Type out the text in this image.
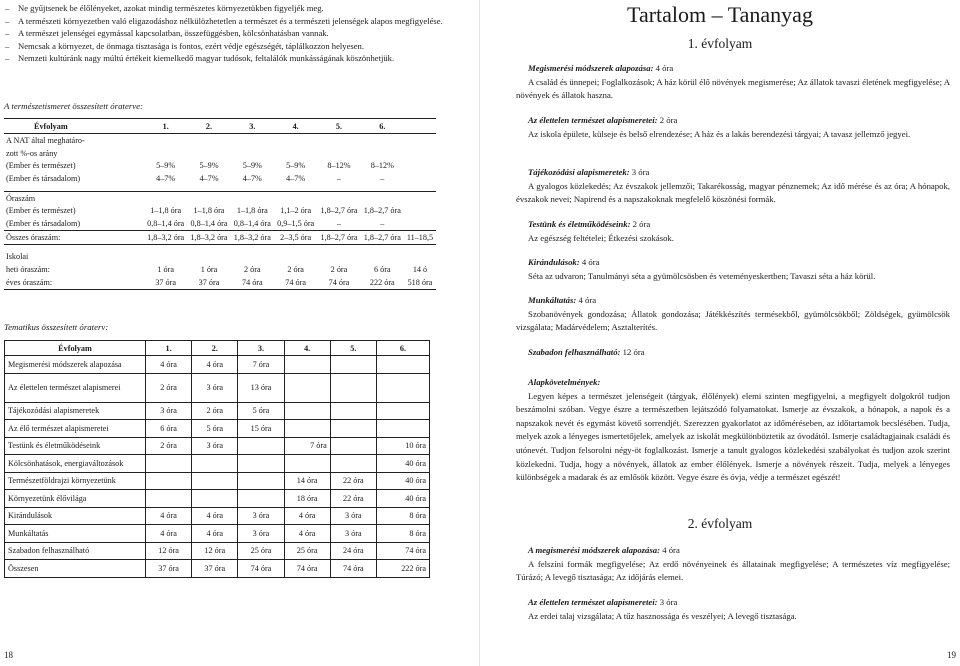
–	Ne gyűjtsenek be élőlényeket, azokat mindig természetes környezetükben figyeljék meg.
–	A természeti környezetben való eligazodáshoz nélkülözhetetlen a természet és a természeti jelenségek alapos megfigyelése.
–	A természet jelenségei egymással kapcsolatban, összefüggésben, kölcsönhatásban vannak.
–	Nemcsak a környezet, de önmaga tisztasága is fontos, ezért védje egészségét, táplálkozzon helyesen.
–	Nemzeti kultúránk nagy múltú értékeit kiemelkedő magyar tudósok, feltalálók munkásságának köszönhetjük.
A természetismeret összesített óraterve:
Évfolyam	1.	2.	3.	4.	5.	6.	
A NAT által meghatáro-							
zott %-os arány							
(Ember és természet)	5–9%	5–9%	5–9%	5–9%	8–12%	8–12%	
(Ember és társadalom)	4–7%	4–7%	4–7%	4–7%	–	–	

Óraszám							
(Ember és természet)	1–1,8 óra	1–1,8 óra	1–1,8 óra	1,1–2 óra	1,8–2,7 óra	1,8–2,7 óra	
(Ember és társadalom)	0,8–1,4 óra	0,8–1,4 óra	0,8–1,4 óra	0,9–1,5 óra	–	–	
Összes óraszám:	1,8–3,2 óra	1,8–3,2 óra	1,8–3,2 óra	2–3,5 óra	1,8–2,7 óra	1,8–2,7 óra	11–18,5

Iskolai							
heti óraszám:	1 óra	1 óra	2 óra	2 óra	2 óra	6 óra	14 ó
éves óraszám:	37 óra	37 óra	74 óra	74 óra	74 óra	222 óra	518 óra
Tematikus összesített óraterv:
Évfolyam	1.	2.	3.	4.	5.	6.
Megismerési módszerek alapozása	4 óra	4 óra	7 óra			
Az élettelen természet alapismerei	2 óra	3 óra	13 óra			
Tájékozódási alapismeretek	3 óra	2 óra	5 óra			
Az élő természet alapismeretei	6 óra	5 óra	15 óra			
Testünk és életműködéseink	2 óra	3 óra		7 óra		10 óra
Kölcsönhatások, energiaváltozások						40 óra
Természetföldrajzi környezetünk				14 óra	22 óra	40 óra
Környezetünk élővilága				18 óra	22 óra	40 óra
Kirándulások	4 óra	4 óra	3 óra	4 óra	3 óra	8 óra
Munkáltatás	4 óra	4 óra	3 óra	4 óra	3 óra	8 óra
Szabadon felhasználható	12 óra	12 óra	25 óra	25 óra	24 óra	74 óra
Összesen	37 óra	37 óra	74 óra	74 óra	74 óra	222 óra
18
Tartalom – Tananyag
1. évfolyam
Megismerési módszerek alapozása: 4 óra
A család és ünnepei; Foglalkozások; A ház körül élő növények megismerése; Az állatok tavaszi életének megfigyelése; A növények és állatok haszna.
Az élettelen természet alapismeretei: 2 óra
Az iskola épülete, külseje és belső elrendezése; A ház és a lakás berendezési tárgyai; A tavasz jellemző jegyei.
Tájékozódási alapismeretek: 3 óra
A gyalogos közlekedés; Az évszakok jellemzői; Takarékosság, magyar pénznemek; Az idő mérése és az óra; A hónapok, évszakok nevei; Napirend és a napszakoknak megfelelő köszönési formák.
Testünk és életműködéseink: 2 óra
Az egészség feltételei; Étkezési szokások.
Kirándulások: 4 óra
Séta az udvaron; Tanulmányi séta a gyümölcsösben és veteményeskertben; Tavaszi séta a ház körül.
Munkáltatás: 4 óra
Szobanövények gondozása; Állatok gondozása; Játékkészítés termésekből, gyümölcsökből; Zöldségek, gyümölcsök vizsgálata; Madárvédelem; Asztalterítés.
Szabadon felhasználható: 12 óra
Alapkövetelmények:
Legyen képes a természet jelenségeit (tárgyak, élőlények) elemi szinten megfigyelni, a megfigyelt dolgokról tudjon beszámolni szóban. Vegye észre a természetben lejátszódó folyamatokat. Ismerje az évszakok, a hónapok, a napok és a napszakok nevét és egymást követő sorrendjét. Szerezzen gyakorlatot az időméréseben, az időtartamok becslésében. Tudja, melyek azok a lényeges ismertetőjelek, amelyek az iskolát megkülönböztetik az óvodától. Ismerje családtagjainak családi és utónevét. Tudjon felsorolni négy-öt foglalkozást. Ismerje a tanult gyalogos közlekedési szabályokat és tudjon azok szerint közlekedni. Tudja, hogy a növények, állatok az ember élőlények. Ismerje a növények részeit. Tudja, melyek a lényeges különbségek a madarak és az emlősök között. Vegye észre és óvja, védje a természet egészét!
2. évfolyam
A megismerési módszerek alapozása: 4 óra
A felszíni formák megfigyelése; Az erdő növényeinek és állatainak megfigyelése; A természetes víz megfigyelése; Túrázó; A levegő tisztasága; Az időjárás elemei.
Az élettelen természet alapismeretei: 3 óra
Az erdei talaj vizsgálata; A tűz hasznossága és veszélyei; A levegő tisztasága.
19
